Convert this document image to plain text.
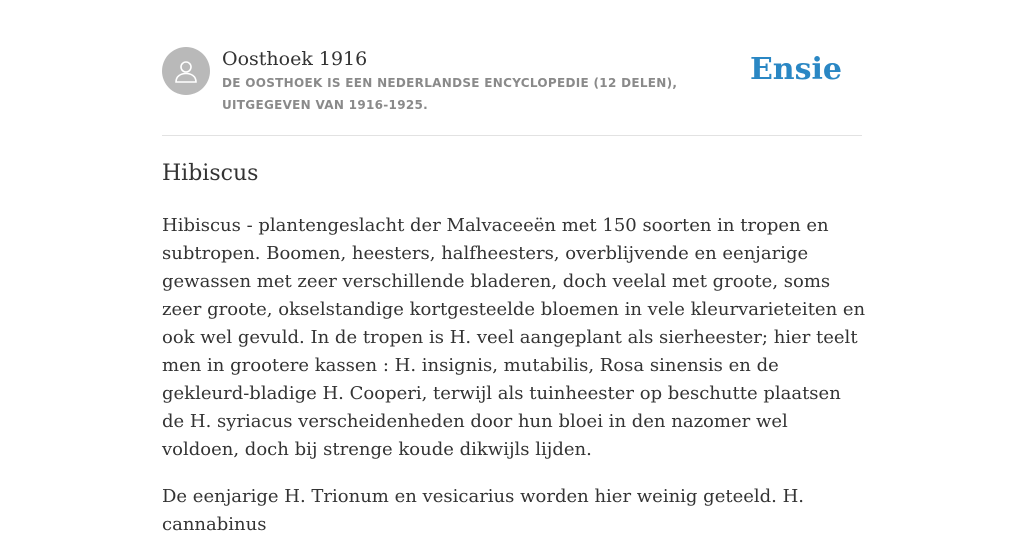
Oosthoek 1916
DE OOSTHOEK IS EEN NEDERLANDSE ENCYCLOPEDIE (12 DELEN), UITGEGEVEN VAN 1916-1925.
Ensie
Hibiscus

Hibiscus - plantengeslacht der Malvaceeën met 150 soorten in tropen en subtropen. Boomen, heesters, halfheesters, overblijvende en eenjarige gewassen met zeer verschillende bladeren, doch veelal met groote, soms zeer groote, okselstandige kortgesteelde bloemen in vele kleurvarieteiten en ook wel gevuld. In de tropen is H. veel aangeplant als sierheester; hier teelt men in grootere kassen : H. insignis, mutabilis, Rosa sinensis en de gekleurd-bladige H. Cooperi, terwijl als tuinheester op beschutte plaatsen de H. syriacus verscheidenheden door hun bloei in den nazomer wel voldoen, doch bij strenge koude dikwijls lijden.

De eenjarige H. Trionum en vesicarius worden hier weinig geteeld. H. cannabinus
